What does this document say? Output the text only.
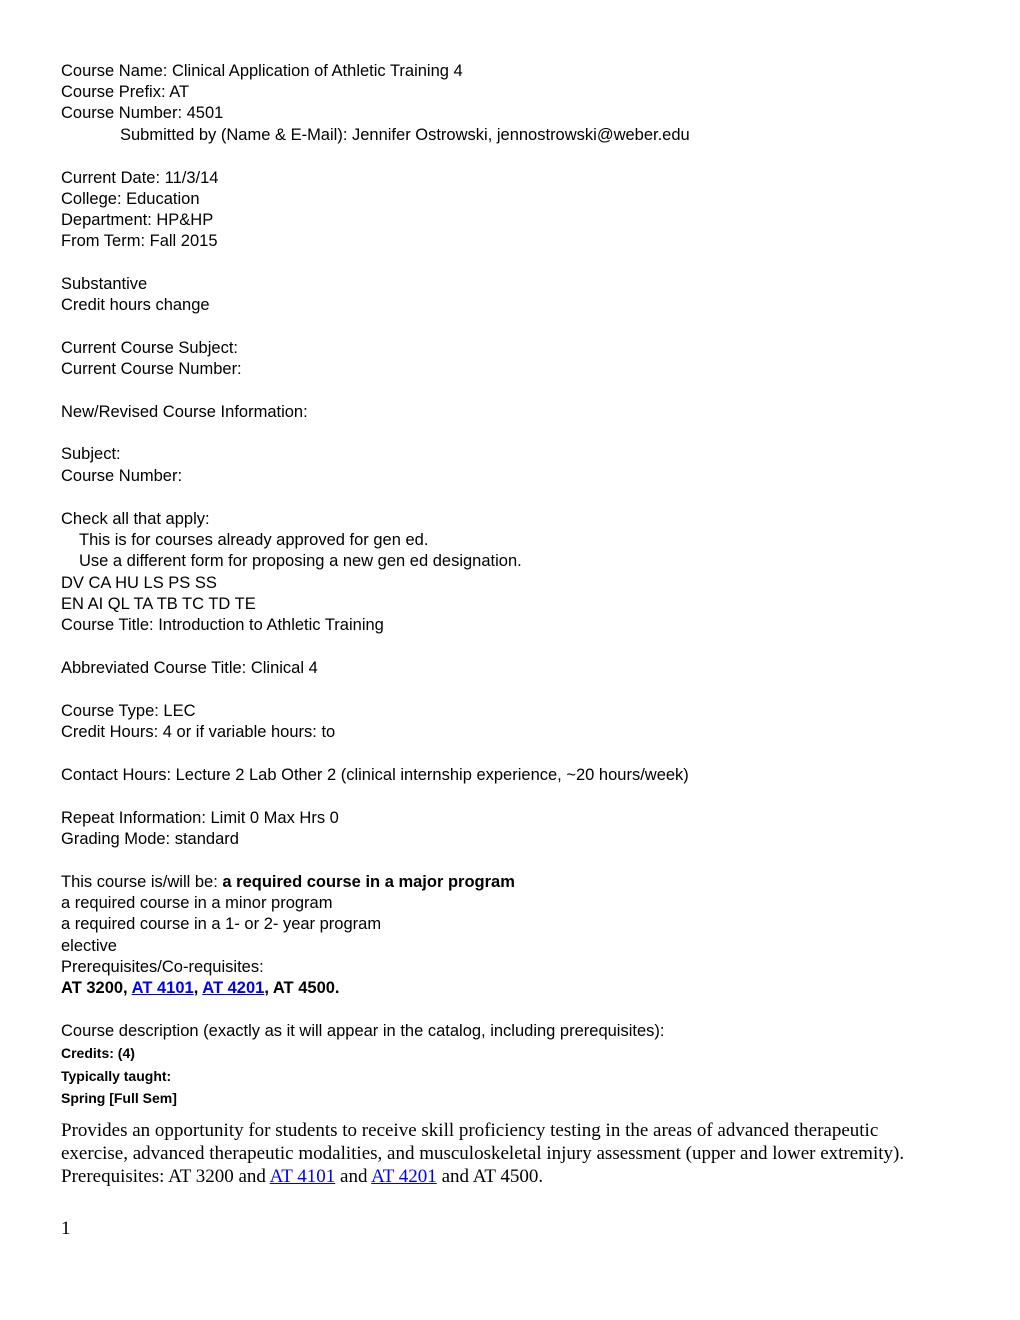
Course Name: Clinical Application of Athletic Training 4
Course Prefix: AT
Course Number: 4501
Submitted by (Name & E-Mail): Jennifer Ostrowski, jennostrowski@weber.edu
Current Date: 11/3/14
College: Education
Department: HP&HP
From Term: Fall 2015
Substantive
Credit hours change
Current Course Subject:
Current Course Number:
New/Revised Course Information:
Subject:
Course Number:
Check all that apply:
This is for courses already approved for gen ed.
Use a different form for proposing a new gen ed designation.
DV CA HU LS PS SS
EN AI QL TA TB TC TD TE
Course Title: Introduction to Athletic Training
Abbreviated Course Title: Clinical 4
Course Type: LEC
Credit Hours: 4 or if variable hours: to
Contact Hours: Lecture 2 Lab Other 2 (clinical internship experience, ~20 hours/week)
Repeat Information: Limit 0 Max Hrs 0
Grading Mode: standard
This course is/will be: a required course in a major program
a required course in a minor program
a required course in a 1- or 2- year program
elective
Prerequisites/Co-requisites:
AT 3200, AT 4101, AT 4201, AT 4500.
Course description (exactly as it will appear in the catalog, including prerequisites):
Credits: (4)
Typically taught:
Spring [Full Sem]
Provides an opportunity for students to receive skill proficiency testing in the areas of advanced therapeutic
exercise, advanced therapeutic modalities, and musculoskeletal injury assessment (upper and lower extremity).
Prerequisites: AT 3200 and AT 4101 and AT 4201 and AT 4500.
1
